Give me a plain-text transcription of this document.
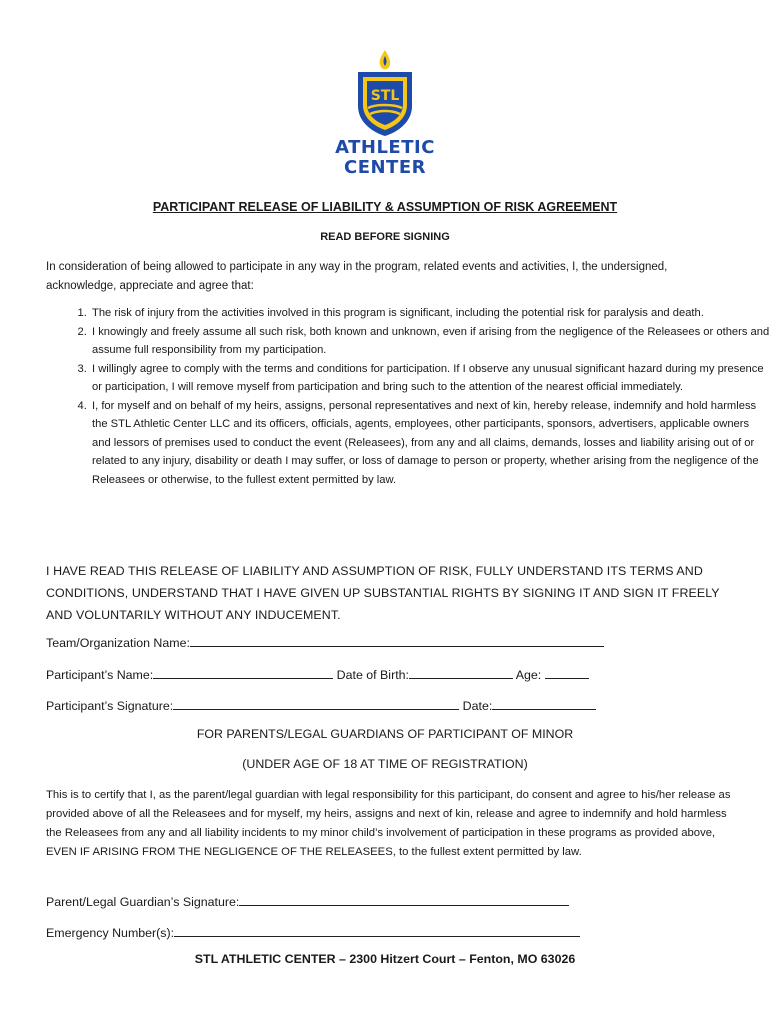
STL
ATHLETIC
CENTER
PARTICIPANT RELEASE OF LIABILITY & ASSUMPTION OF RISK AGREEMENT
READ BEFORE SIGNING
In consideration of being allowed to participate in any way in the program, related events and activities, I, the undersigned, acknowledge, appreciate and agree that:
1. The risk of injury from the activities involved in this program is significant, including the potential risk for paralysis and death.
2. I knowingly and freely assume all such risk, both known and unknown, even if arising from the negligence of the Releasees or others and assume full responsibility from my participation.
3. I willingly agree to comply with the terms and conditions for participation. If I observe any unusual significant hazard during my presence or participation, I will remove myself from participation and bring such to the attention of the nearest official immediately.
4. I, for myself and on behalf of my heirs, assigns, personal representatives and next of kin, hereby release, indemnify and hold harmless the STL Athletic Center LLC and its officers, officials, agents, employees, other participants, sponsors, advertisers, applicable owners and lessors of premises used to conduct the event (Releasees), from any and all claims, demands, losses and liability arising out of or related to any injury, disability or death I may suffer, or loss of damage to person or property, whether arising from the negligence of the Releasees or otherwise, to the fullest extent permitted by law.
I HAVE READ THIS RELEASE OF LIABILITY AND ASSUMPTION OF RISK, FULLY UNDERSTAND ITS TERMS AND CONDITIONS, UNDERSTAND THAT I HAVE GIVEN UP SUBSTANTIAL RIGHTS BY SIGNING IT AND SIGN IT FREELY AND VOLUNTARILY WITHOUT ANY INDUCEMENT.
Team/Organization Name:
Participant’s Name:	Date of Birth:	Age:
Participant’s Signature:	Date:
FOR PARENTS/LEGAL GUARDIANS OF PARTICIPANT OF MINOR
(UNDER AGE OF 18 AT TIME OF REGISTRATION)
This is to certify that I, as the parent/legal guardian with legal responsibility for this participant, do consent and agree to his/her release as provided above of all the Releasees and for myself, my heirs, assigns and next of kin, release and agree to indemnify and hold harmless the Releasees from any and all liability incidents to my minor child’s involvement of participation in these programs as provided above, EVEN IF ARISING FROM THE NEGLIGENCE OF THE RELEASEES, to the fullest extent permitted by law.
Parent/Legal Guardian’s Signature:
Emergency Number(s):
STL ATHLETIC CENTER – 2300 Hitzert Court – Fenton, MO 63026
